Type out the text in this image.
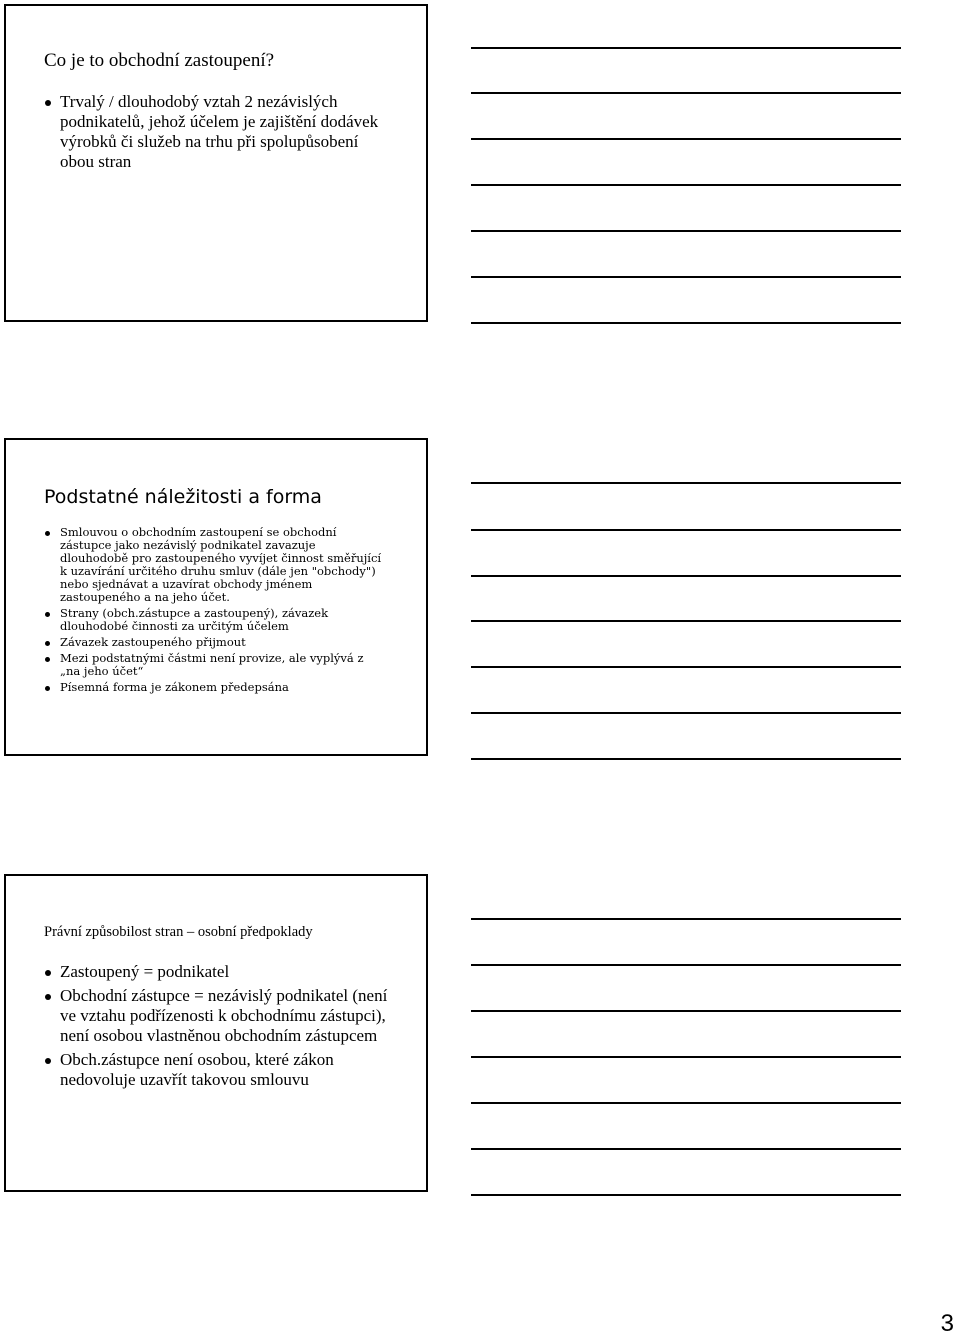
Co je to obchodní zastoupení?
Trvalý / dlouhodobý vztah 2 nezávislých podnikatelů, jehož účelem je zajištění dodávek výrobků či služeb na trhu při spolupůsobení obou stran
Podstatné náležitosti a forma
Smlouvou o obchodním zastoupení se obchodní zástupce jako nezávislý podnikatel zavazuje dlouhodobě pro zastoupeného vyvíjet činnost směřující k uzavírání určitého druhu smluv (dále jen "obchody") nebo sjednávat a uzavírat obchody jménem zastoupeného a na jeho účet.
Strany (obch.zástupce a zastoupený), závazek dlouhodobé činnosti za určitým účelem
Závazek zastoupeného přijmout
Mezi podstatnými částmi není provize, ale vyplývá z „na jeho účet“
Písemná forma je zákonem předepsána
Právní způsobilost stran – osobní předpoklady
Zastoupený = podnikatel
Obchodní zástupce = nezávislý podnikatel (není ve vztahu podřízenosti k obchodnímu zástupci), není osobou vlastněnou obchodním zástupcem
Obch.zástupce není osobou, které zákon nedovoluje uzavřít takovou smlouvu
3
